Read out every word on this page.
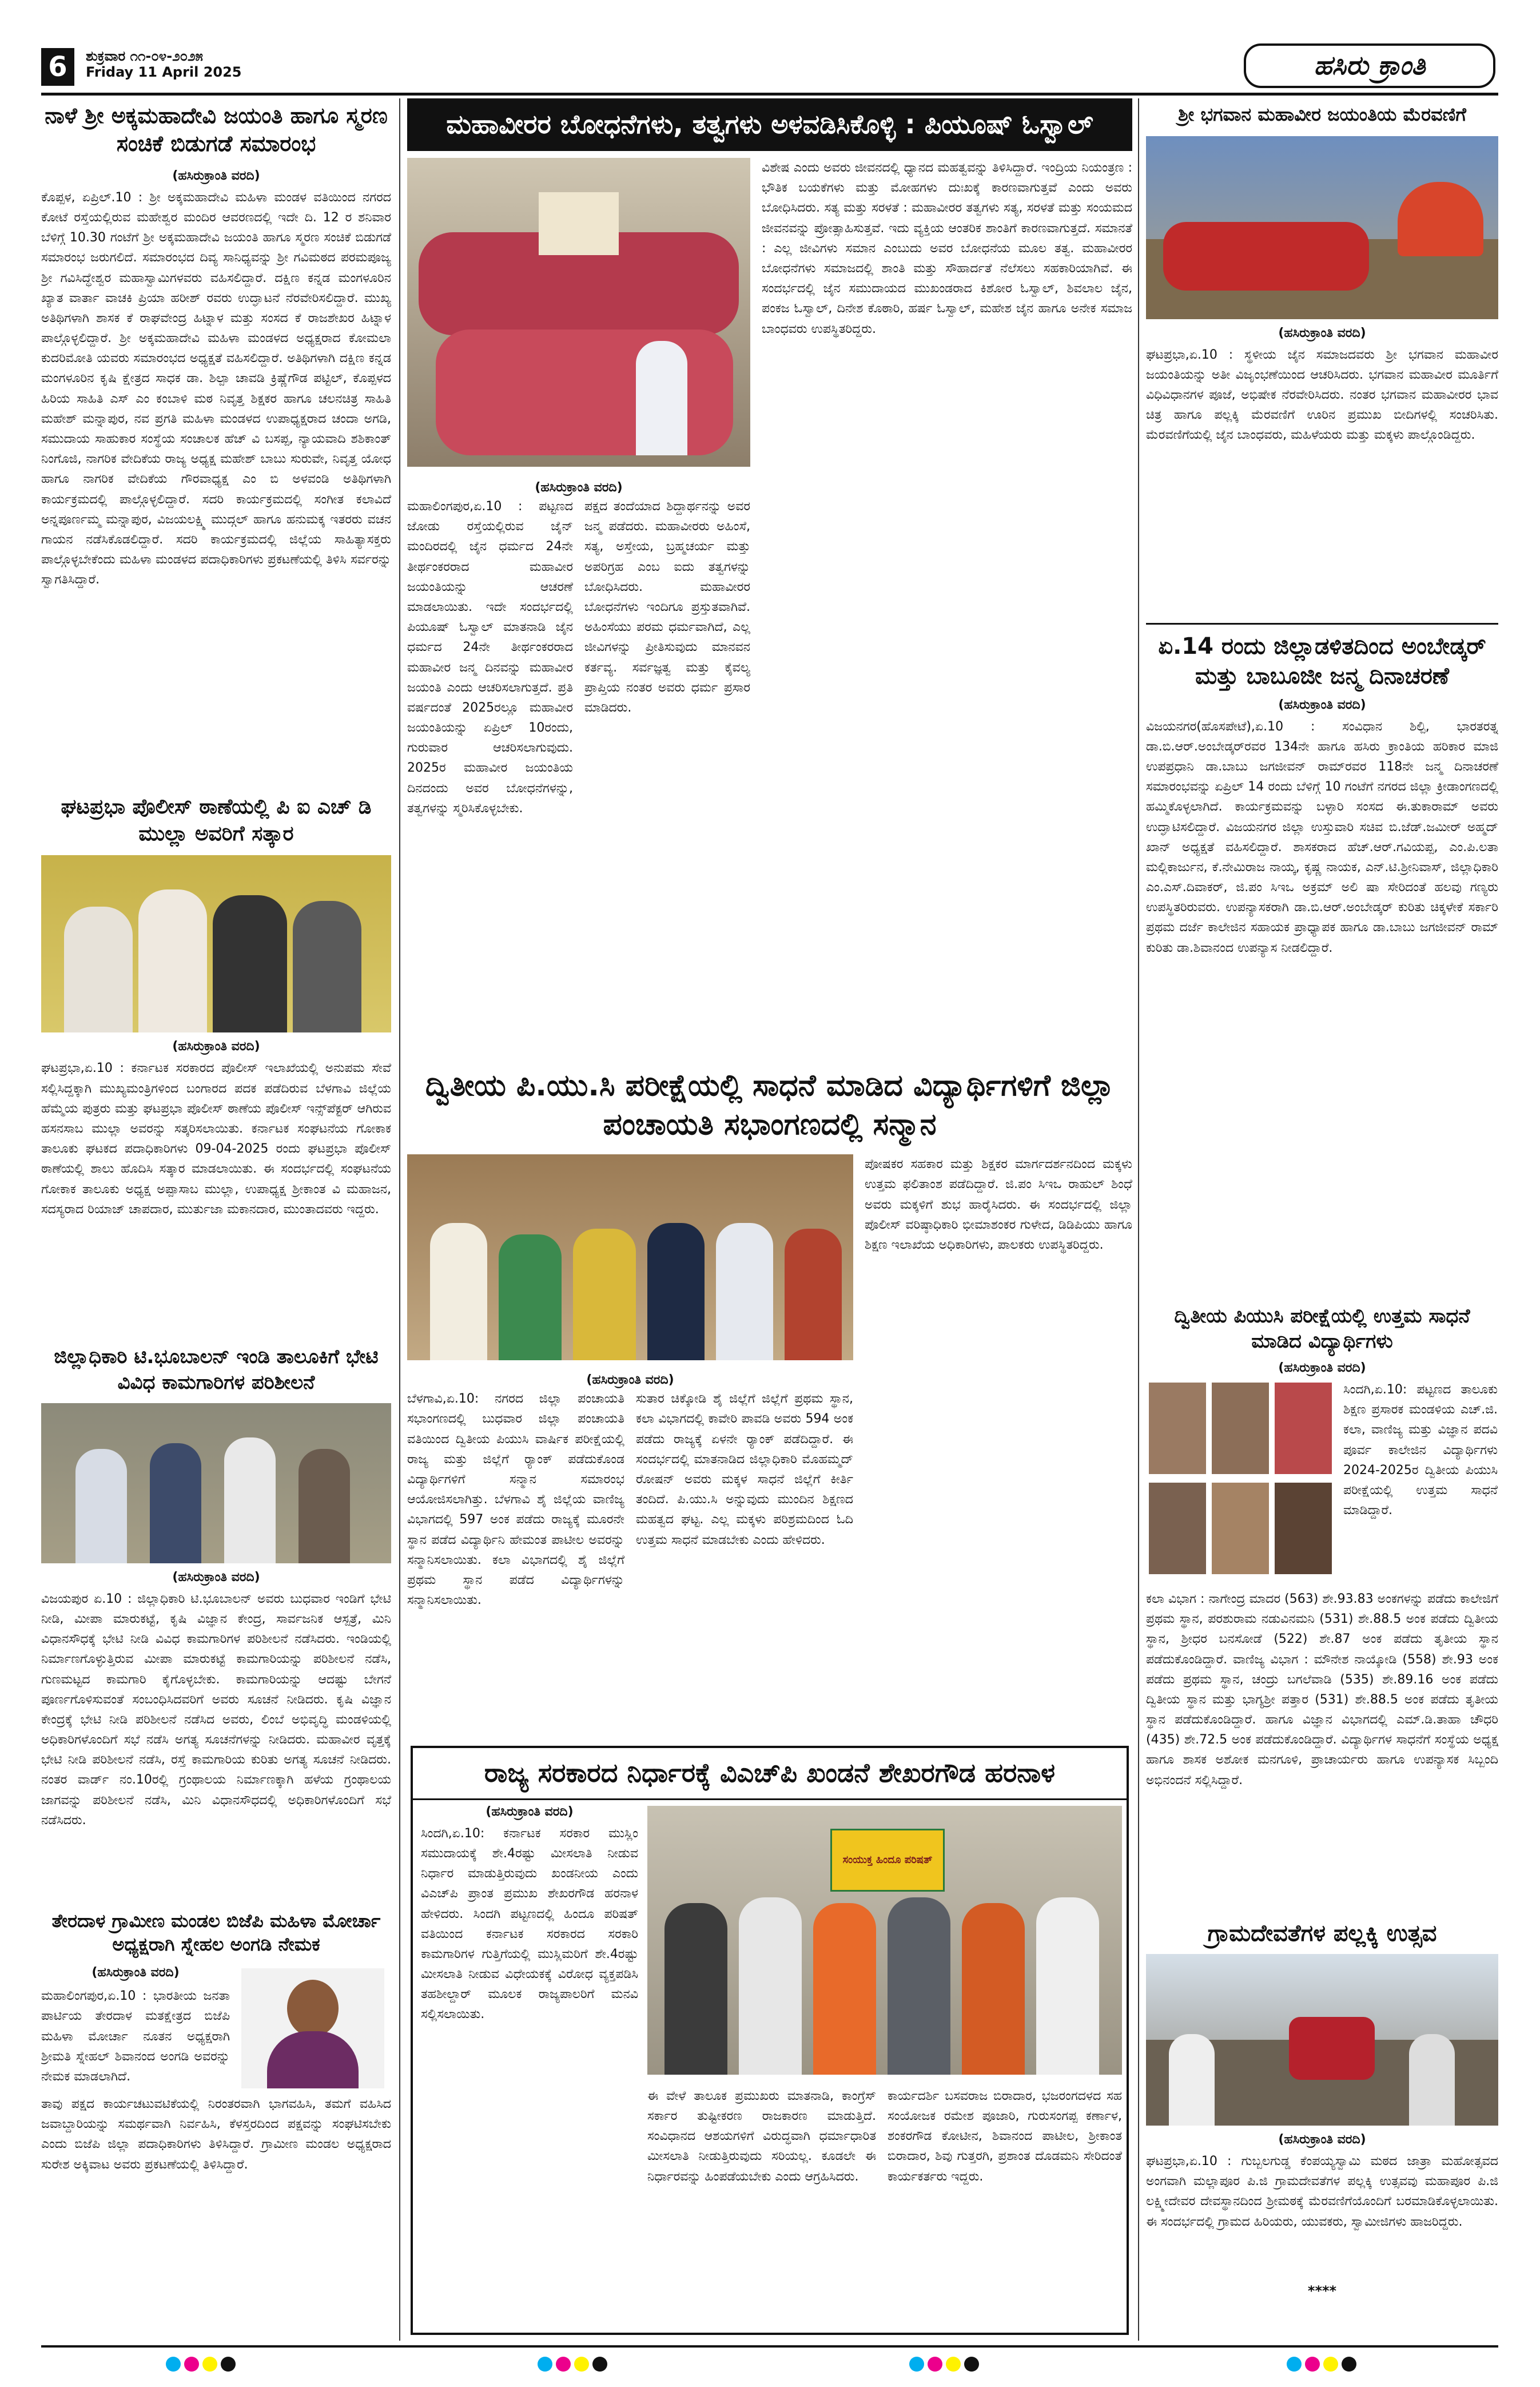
6	ಶುಕ್ರವಾರ ೧೧-೦೪-೨೦೨೫
Friday 11 April 2025	ಹಸಿರು ಕ್ರಾಂತಿ
ನಾಳೆ ಶ್ರೀ ಅಕ್ಕಮಹಾದೇವಿ ಜಯಂತಿ ಹಾಗೂ ಸ್ಮರಣ ಸಂಚಿಕೆ ಬಿಡುಗಡೆ ಸಮಾರಂಭ
(ಹಸಿರುಕ್ರಾಂತಿ ವರದಿ)
ಕೊಪ್ಪಳ, ಏಪ್ರಿಲ್.10 : ಶ್ರೀ ಅಕ್ಕಮಹಾದೇವಿ ಮಹಿಳಾ ಮಂಡಳ ವತಿಯಿಂದ ನಗರದ ಕೋಟೆ ರಸ್ತೆಯಲ್ಲಿರುವ ಮಹೇಶ್ವರ ಮಂದಿರ ಆವರಣದಲ್ಲಿ ಇದೇ ದಿ. 12 ರ ಶನಿವಾರ ಬೆಳಿಗ್ಗೆ 10.30 ಗಂಟೆಗೆ ಶ್ರೀ ಅಕ್ಕಮಹಾದೇವಿ ಜಯಂತಿ ಹಾಗೂ ಸ್ಮರಣ ಸಂಚಿಕೆ ಬಿಡುಗಡೆ ಸಮಾರಂಭ ಜರುಗಲಿದೆ. ಸಮಾರಂಭದ ದಿವ್ಯ ಸಾನಿಧ್ಯವನ್ನು ಶ್ರೀ ಗವಿಮಠದ ಪರಮಪೂಜ್ಯ ಶ್ರೀ ಗವಿಸಿದ್ಧೇಶ್ವರ ಮಹಾಸ್ವಾಮಿಗಳವರು ವಹಿಸಲಿದ್ದಾರೆ. ದಕ್ಷಿಣ ಕನ್ನಡ ಮಂಗಳೂರಿನ ಖ್ಯಾತ ವಾರ್ತಾ ವಾಚಕಿ ಪ್ರಿಯಾ ಹರೀಶ್ ರವರು ಉದ್ಘಾಟನೆ ನೆರವೇರಿಸಲಿದ್ದಾರೆ. ಮುಖ್ಯ ಅತಿಥಿಗಳಾಗಿ ಶಾಸಕ ಕೆ ರಾಘವೇಂದ್ರ ಹಿಟ್ನಾಳ ಮತ್ತು ಸಂಸದ ಕೆ ರಾಜಶೇಖರ ಹಿಟ್ನಾಳ ಪಾಲ್ಗೊಳ್ಳಲಿದ್ದಾರೆ. ಶ್ರೀ ಅಕ್ಕಮಹಾದೇವಿ ಮಹಿಳಾ ಮಂಡಳದ ಅಧ್ಯಕ್ಷರಾದ ಕೋಮಲಾ ಕುದರಿಮೋತಿ ಯವರು ಸಮಾರಂಭದ ಅಧ್ಯಕ್ಷತೆ ವಹಿಸಲಿದ್ದಾರೆ. ಅತಿಥಿಗಳಾಗಿ ದಕ್ಷಿಣ ಕನ್ನಡ ಮಂಗಳೂರಿನ ಕೃಷಿ ಕ್ಷೇತ್ರದ ಸಾಧಕ ಡಾ. ಶಿಲ್ಪಾ ಚಾವಡಿ ಕ್ರಿಷ್ಣೆಗೌಡ ಪಟ್ಟಿಲ್, ಕೊಪ್ಪಳದ ಹಿರಿಯ ಸಾಹಿತಿ ಎಸ್ ಎಂ ಕಂಬಾಳಿ ಮಠ ನಿವೃತ್ತ ಶಿಕ್ಷಕರ ಹಾಗೂ ಚಲನಚಿತ್ರ ಸಾಹಿತಿ ಮಹೇಶ್ ಮನ್ನಾಪುರ, ನವ ಪ್ರಗತಿ ಮಹಿಳಾ ಮಂಡಳದ ಉಪಾಧ್ಯಕ್ಷರಾದ ಚಂದಾ ಅಗಡಿ, ಸಮುದಾಯ ಸಾಹುಕಾರ ಸಂಸ್ಥೆಯ ಸಂಚಾಲಕ ಹೆಚ್ ವಿ ಬಸಪ್ಪ, ನ್ಯಾಯವಾದಿ ಶಶಿಕಾಂತ್ ನಿಂಗೊಜಿ, ನಾಗರಿಕ ವೇದಿಕೆಯ ರಾಜ್ಯ ಅಧ್ಯಕ್ಷ ಮಹೇಶ್ ಬಾಬು ಸುರುವೇ, ನಿವೃತ್ತ ಯೋಧ ಹಾಗೂ ನಾಗರಿಕ ವೇದಿಕೆಯ ಗೌರವಾಧ್ಯಕ್ಷ ಎಂ ಬಿ ಅಳವಂಡಿ ಅತಿಥಿಗಳಾಗಿ ಕಾರ್ಯಕ್ರಮದಲ್ಲಿ ಪಾಲ್ಗೊಳ್ಳಲಿದ್ದಾರೆ. ಸದರಿ ಕಾರ್ಯಕ್ರಮದಲ್ಲಿ ಸಂಗೀತ ಕಲಾವಿದೆ ಅನ್ನಪೂರ್ಣಮ್ಮ ಮನ್ನಾಪುರ, ವಿಜಯಲಕ್ಷ್ಮಿ ಮುದ್ಗಲ್ ಹಾಗೂ ಹನುಮಕ್ಕ ಇತರರು ವಚನ ಗಾಯನ ನಡೆಸಿಕೊಡಲಿದ್ದಾರೆ. ಸದರಿ ಕಾರ್ಯಕ್ರಮದಲ್ಲಿ ಜಿಲ್ಲೆಯ ಸಾಹಿತ್ಯಾಸಕ್ತರು ಪಾಲ್ಗೊಳ್ಳಬೇಕೆಂದು ಮಹಿಳಾ ಮಂಡಳದ ಪದಾಧಿಕಾರಿಗಳು ಪ್ರಕಟಣೆಯಲ್ಲಿ ತಿಳಿಸಿ ಸರ್ವರನ್ನು ಸ್ವಾಗತಿಸಿದ್ದಾರೆ.
ಘಟಪ್ರಭಾ ಪೊಲೀಸ್ ಠಾಣೆಯಲ್ಲಿ ಪಿ ಐ ಎಚ್ ಡಿ ಮುಲ್ಲಾ ಅವರಿಗೆ ಸತ್ಕಾರ
(ಹಸಿರುಕ್ರಾಂತಿ ವರದಿ)
ಘಟಪ್ರಭಾ,ಏ.10 : ಕರ್ನಾಟಕ ಸರಕಾರದ ಪೊಲೀಸ್ ಇಲಾಖೆಯಲ್ಲಿ ಅನುಪಮ ಸೇವೆ ಸಲ್ಲಿಸಿದ್ದಕ್ಕಾಗಿ ಮುಖ್ಯಮಂತ್ರಿಗಳಿಂದ ಬಂಗಾರದ ಪದಕ ಪಡೆದಿರುವ ಬೆಳಗಾವಿ ಜಿಲ್ಲೆಯ ಹೆಮ್ಮೆಯ ಪುತ್ರರು ಮತ್ತು ಘಟಪ್ರಭಾ ಪೊಲೀಸ್ ಠಾಣೆಯ ಪೊಲೀಸ್ ಇನ್ಸ್‌ಪೆಕ್ಟರ್ ಆಗಿರುವ ಹಸನಸಾಬ ಮುಲ್ಲಾ ಅವರನ್ನು ಸತ್ಕರಿಸಲಾಯಿತು. ಕರ್ನಾಟಕ ಸಂಘಟನೆಯ ಗೋಕಾಕ ತಾಲೂಕು ಘಟಕದ ಪದಾಧಿಕಾರಿಗಳು 09-04-2025 ರಂದು ಘಟಪ್ರಭಾ ಪೊಲೀಸ್ ಠಾಣೆಯಲ್ಲಿ ಶಾಲು ಹೊದಿಸಿ ಸತ್ಕಾರ ಮಾಡಲಾಯಿತು. ಈ ಸಂದರ್ಭದಲ್ಲಿ ಸಂಘಟನೆಯ ಗೋಕಾಕ ತಾಲೂಕು ಅಧ್ಯಕ್ಷ ಅಪ್ಪಾಸಾಬ ಮುಲ್ಲಾ, ಉಪಾಧ್ಯಕ್ಷ ಶ್ರೀಕಾಂತ ವಿ ಮಹಾಜನ, ಸದಸ್ಯರಾದ ರಿಯಾಜ್ ಚಾಪದಾರ, ಮುರ್ತುಜಾ ಮಕಾನದಾರ, ಮುಂತಾದವರು ಇದ್ದರು.
ಜಿಲ್ಲಾಧಿಕಾರಿ ಟಿ.ಭೂಬಾಲನ್ ಇಂಡಿ ತಾಲೂಕಿಗೆ ಭೇಟಿ ವಿವಿಧ ಕಾಮಗಾರಿಗಳ ಪರಿಶೀಲನೆ
(ಹಸಿರುಕ್ರಾಂತಿ ವರದಿ)
ವಿಜಯಪುರ ಏ.10 : ಜಿಲ್ಲಾಧಿಕಾರಿ ಟಿ.ಭೂಬಾಲನ್ ಅವರು ಬುಧವಾರ ಇಂಡಿಗೆ ಭೇಟಿ ನೀಡಿ, ಮೀಪಾ ಮಾರುಕಟ್ಟೆ, ಕೃಷಿ ವಿಜ್ಞಾನ ಕೇಂದ್ರ, ಸಾರ್ವಜನಿಕ ಆಸ್ಪತ್ರೆ, ಮಿನಿ ವಿಧಾನಸೌಧಕ್ಕೆ ಭೇಟಿ ನೀಡಿ ವಿವಿಧ ಕಾಮಗಾರಿಗಳ ಪರಿಶೀಲನೆ ನಡೆಸಿದರು. ಇಂಡಿಯಲ್ಲಿ ನಿರ್ಮಾಣಗೊಳ್ಳುತ್ತಿರುವ ಮೀಪಾ ಮಾರುಕಟ್ಟೆ ಕಾಮಗಾರಿಯನ್ನು ಪರಿಶೀಲನೆ ನಡೆಸಿ, ಗುಣಮಟ್ಟದ ಕಾಮಗಾರಿ ಕೈಗೊಳ್ಳಬೇಕು. ಕಾಮಗಾರಿಯನ್ನು ಆದಷ್ಟು ಬೇಗನೆ ಪೂರ್ಣಗೊಳಿಸುವಂತೆ ಸಂಬಂಧಿಸಿದವರಿಗೆ ಅವರು ಸೂಚನೆ ನೀಡಿದರು. ಕೃಷಿ ವಿಜ್ಞಾನ ಕೇಂದ್ರಕ್ಕೆ ಭೇಟಿ ನೀಡಿ ಪರಿಶೀಲನೆ ನಡೆಸಿದ ಅವರು, ಲಿಂಬೆ ಅಭಿವೃದ್ಧಿ ಮಂಡಳಿಯಲ್ಲಿ ಅಧಿಕಾರಿಗಳೊಂದಿಗೆ ಸಭೆ ನಡೆಸಿ ಅಗತ್ಯ ಸೂಚನೆಗಳನ್ನು ನೀಡಿದರು. ಮಹಾವೀರ ವೃತ್ತಕ್ಕೆ ಭೇಟಿ ನೀಡಿ ಪರಿಶೀಲನೆ ನಡೆಸಿ, ರಸ್ತೆ ಕಾಮಗಾರಿಯ ಕುರಿತು ಅಗತ್ಯ ಸೂಚನೆ ನೀಡಿದರು. ನಂತರ ವಾರ್ಡ್ ನಂ.10ರಲ್ಲಿ ಗ್ರಂಥಾಲಯ ನಿರ್ಮಾಣಕ್ಕಾಗಿ ಹಳೆಯ ಗ್ರಂಥಾಲಯ ಜಾಗವನ್ನು ಪರಿಶೀಲನೆ ನಡೆಸಿ, ಮಿನಿ ವಿಧಾನಸೌಧದಲ್ಲಿ ಅಧಿಕಾರಿಗಳೊಂದಿಗೆ ಸಭೆ ನಡೆಸಿದರು.
ತೇರದಾಳ ಗ್ರಾಮೀಣ ಮಂಡಲ ಬಿಜೆಪಿ ಮಹಿಳಾ ಮೋರ್ಚಾ ಅಧ್ಯಕ್ಷರಾಗಿ ಸ್ನೇಹಲ ಅಂಗಡಿ ನೇಮಕ
(ಹಸಿರುಕ್ರಾಂತಿ ವರದಿ)
ಮಹಾಲಿಂಗಪುರ,ಏ.10 : ಭಾರತೀಯ ಜನತಾ ಪಾರ್ಟಿಯ ತೇರದಾಳ ಮತಕ್ಷೇತ್ರದ ಬಿಜೆಪಿ ಮಹಿಳಾ ಮೋರ್ಚಾ ನೂತನ ಅಧ್ಯಕ್ಷರಾಗಿ ಶ್ರೀಮತಿ ಸ್ನೇಹಲ್ ಶಿವಾನಂದ ಅಂಗಡಿ ಅವರನ್ನು ನೇಮಕ ಮಾಡಲಾಗಿದೆ.
ತಾವು ಪಕ್ಷದ ಕಾರ್ಯಚಟುವಟಿಕೆಯಲ್ಲಿ ನಿರಂತರವಾಗಿ ಭಾಗವಹಿಸಿ, ತಮಗೆ ವಹಿಸಿದ ಜವಾಬ್ದಾರಿಯನ್ನು ಸಮರ್ಥವಾಗಿ ನಿರ್ವಹಿಸಿ, ಕೆಳಸ್ತರದಿಂದ ಪಕ್ಷವನ್ನು ಸಂಘಟಿಸಬೇಕು ಎಂದು ಬಿಜೆಪಿ ಜಿಲ್ಲಾ ಪದಾಧಿಕಾರಿಗಳು ತಿಳಿಸಿದ್ದಾರೆ. ಗ್ರಾಮೀಣ ಮಂಡಲ ಅಧ್ಯಕ್ಷರಾದ ಸುರೇಶ ಅಕ್ಕಿವಾಟ ಅವರು ಪ್ರಕಟಣೆಯಲ್ಲಿ ತಿಳಿಸಿದ್ದಾರೆ.
ಮಹಾವೀರರ ಬೋಧನೆಗಳು, ತತ್ವಗಳು ಅಳವಡಿಸಿಕೊಳ್ಳಿ : ಪಿಯೂಷ್ ಓಸ್ವಾಲ್
(ಹಸಿರುಕ್ರಾಂತಿ ವರದಿ)
ಮಹಾಲಿಂಗಪುರ,ಏ.10 : ಪಟ್ಟಣದ ಜೋಡು ರಸ್ತೆಯಲ್ಲಿರುವ ಜೈನ್ ಮಂದಿರದಲ್ಲಿ ಜೈನ ಧರ್ಮದ 24ನೇ ತೀರ್ಥಂಕರರಾದ ಮಹಾವೀರ ಜಯಂತಿಯನ್ನು ಆಚರಣೆ ಮಾಡಲಾಯಿತು. ಇದೇ ಸಂದರ್ಭದಲ್ಲಿ ಪಿಯೂಷ್ ಓಸ್ವಾಲ್ ಮಾತನಾಡಿ ಜೈನ ಧರ್ಮದ 24ನೇ ತೀರ್ಥಂಕರರಾದ ಮಹಾವೀರ ಜನ್ಮ ದಿನವನ್ನು ಮಹಾವೀರ ಜಯಂತಿ ಎಂದು ಆಚರಿಸಲಾಗುತ್ತದೆ. ಪ್ರತಿ ವರ್ಷದಂತೆ 2025ರಲ್ಲೂ ಮಹಾವೀರ ಜಯಂತಿಯನ್ನು ಏಪ್ರಿಲ್ 10ರಂದು, ಗುರುವಾರ ಆಚರಿಸಲಾಗುವುದು. 2025ರ ಮಹಾವೀರ ಜಯಂತಿಯ ದಿನದಂದು ಅವರ ಬೋಧನೆಗಳನ್ನು, ತತ್ವಗಳನ್ನು ಸ್ಮರಿಸಿಕೊಳ್ಳಬೇಕು.
ಪಕ್ಷದ ತಂದೆಯಾದ ಶಿದ್ದಾರ್ಥನನ್ನು ಅವರ ಜನ್ಮ ಪಡೆದರು. ಮಹಾವೀರರು ಅಹಿಂಸೆ, ಸತ್ಯ, ಅಸ್ತೇಯ, ಬ್ರಹ್ಮಚರ್ಯ ಮತ್ತು ಅಪರಿಗ್ರಹ ಎಂಬ ಐದು ತತ್ವಗಳನ್ನು ಬೋಧಿಸಿದರು. ಮಹಾವೀರರ ಬೋಧನೆಗಳು ಇಂದಿಗೂ ಪ್ರಸ್ತುತವಾಗಿವೆ. ಅಹಿಂಸೆಯು ಪರಮ ಧರ್ಮವಾಗಿದೆ, ಎಲ್ಲ ಜೀವಿಗಳನ್ನು ಪ್ರೀತಿಸುವುದು ಮಾನವನ ಕರ್ತವ್ಯ. ಸರ್ವಜ್ಞತ್ವ ಮತ್ತು ಕೈವಲ್ಯ ಪ್ರಾಪ್ತಿಯ ನಂತರ ಅವರು ಧರ್ಮ ಪ್ರಸಾರ ಮಾಡಿದರು.
ವಿಶೇಷ ಎಂದು ಅವರು ಜೀವನದಲ್ಲಿ ಧ್ಯಾನದ ಮಹತ್ವವನ್ನು ತಿಳಿಸಿದ್ದಾರೆ. ಇಂದ್ರಿಯ ನಿಯಂತ್ರಣ : ಭೌತಿಕ ಬಯಕೆಗಳು ಮತ್ತು ಮೋಹಗಳು ದುಃಖಕ್ಕೆ ಕಾರಣವಾಗುತ್ತವೆ ಎಂದು ಅವರು ಬೋಧಿಸಿದರು. ಸತ್ಯ ಮತ್ತು ಸರಳತೆ : ಮಹಾವೀರರ ತತ್ವಗಳು ಸತ್ಯ, ಸರಳತೆ ಮತ್ತು ಸಂಯಮದ ಜೀವನವನ್ನು ಪ್ರೋತ್ಸಾಹಿಸುತ್ತವೆ. ಇದು ವ್ಯಕ್ತಿಯ ಆಂತರಿಕ ಶಾಂತಿಗೆ ಕಾರಣವಾಗುತ್ತದೆ. ಸಮಾನತೆ : ಎಲ್ಲ ಜೀವಿಗಳು ಸಮಾನ ಎಂಬುದು ಅವರ ಬೋಧನೆಯ ಮೂಲ ತತ್ವ. ಮಹಾವೀರರ ಬೋಧನೆಗಳು ಸಮಾಜದಲ್ಲಿ ಶಾಂತಿ ಮತ್ತು ಸೌಹಾರ್ದತೆ ನೆಲೆಸಲು ಸಹಕಾರಿಯಾಗಿವೆ. ಈ ಸಂದರ್ಭದಲ್ಲಿ ಜೈನ ಸಮುದಾಯದ ಮುಖಂಡರಾದ ಕಿಶೋರ ಓಸ್ವಾಲ್, ಶಿವಲಾಲ ಜೈನ, ಪಂಕಜ ಓಸ್ವಾಲ್, ದಿನೇಶ ಕೊಠಾರಿ, ಹರ್ಷ ಓಸ್ವಾಲ್, ಮಹೇಶ ಜೈನ ಹಾಗೂ ಅನೇಕ ಸಮಾಜ ಬಾಂಧವರು ಉಪಸ್ಥಿತರಿದ್ದರು.
ದ್ವಿತೀಯ ಪಿ.ಯು.ಸಿ ಪರೀಕ್ಷೆಯಲ್ಲಿ ಸಾಧನೆ ಮಾಡಿದ ವಿದ್ಯಾರ್ಥಿಗಳಿಗೆ ಜಿಲ್ಲಾ ಪಂಚಾಯತಿ ಸಭಾಂಗಣದಲ್ಲಿ ಸನ್ಮಾನ
(ಹಸಿರುಕ್ರಾಂತಿ ವರದಿ)
ಬೆಳಗಾವಿ,ಏ.10: ನಗರದ ಜಿಲ್ಲಾ ಪಂಚಾಯತಿ ಸಭಾಂಗಣದಲ್ಲಿ ಬುಧವಾರ ಜಿಲ್ಲಾ ಪಂಚಾಯತಿ ವತಿಯಿಂದ ದ್ವಿತೀಯ ಪಿಯುಸಿ ವಾರ್ಷಿಕ ಪರೀಕ್ಷೆಯಲ್ಲಿ ರಾಜ್ಯ ಮತ್ತು ಜಿಲ್ಲೆಗೆ ರ್‍ಯಾಂಕ್ ಪಡೆದುಕೊಂಡ ವಿದ್ಯಾರ್ಥಿಗಳಿಗೆ ಸನ್ಮಾನ ಸಮಾರಂಭ ಆಯೋಜಿಸಲಾಗಿತ್ತು. ಬೆಳಗಾವಿ ಶೈ ಜಿಲ್ಲೆಯ ವಾಣಿಜ್ಯ ವಿಭಾಗದಲ್ಲಿ 597 ಅಂಕ ಪಡೆದು ರಾಜ್ಯಕ್ಕೆ ಮೂರನೇ ಸ್ಥಾನ ಪಡೆದ ವಿದ್ಯಾರ್ಥಿನಿ ಹೇಮಂತ ಪಾಟೀಲ ಅವರನ್ನು ಸನ್ಮಾನಿಸಲಾಯಿತು. ಕಲಾ ವಿಭಾಗದಲ್ಲಿ ಶೈ ಜಿಲ್ಲೆಗೆ ಪ್ರಥಮ ಸ್ಥಾನ ಪಡೆದ ವಿದ್ಯಾರ್ಥಿಗಳನ್ನು ಸನ್ಮಾನಿಸಲಾಯಿತು.
ಸುತಾರ ಚಿಕ್ಕೋಡಿ ಶೈ ಜಿಲ್ಲೆಗೆ ಜಿಲ್ಲೆಗೆ ಪ್ರಥಮ ಸ್ಥಾನ, ಕಲಾ ವಿಭಾಗದಲ್ಲಿ ಕಾವೇರಿ ಪಾವಡಿ ಅವರು 594 ಅಂಕ ಪಡೆದು ರಾಜ್ಯಕ್ಕೆ ಏಳನೇ ರ್‍ಯಾಂಕ್ ಪಡೆದಿದ್ದಾರೆ. ಈ ಸಂದರ್ಭದಲ್ಲಿ ಮಾತನಾಡಿದ ಜಿಲ್ಲಾಧಿಕಾರಿ ಮೊಹಮ್ಮದ್ ರೋಷನ್ ಅವರು ಮಕ್ಕಳ ಸಾಧನೆ ಜಿಲ್ಲೆಗೆ ಕೀರ್ತಿ ತಂದಿದೆ. ಪಿ.ಯು.ಸಿ ಅನ್ನುವುದು ಮುಂದಿನ ಶಿಕ್ಷಣದ ಮಹತ್ವದ ಘಟ್ಟ. ಎಲ್ಲ ಮಕ್ಕಳು ಪರಿಶ್ರಮದಿಂದ ಓದಿ ಉತ್ತಮ ಸಾಧನೆ ಮಾಡಬೇಕು ಎಂದು ಹೇಳಿದರು.
ಪೋಷಕರ ಸಹಕಾರ ಮತ್ತು ಶಿಕ್ಷಕರ ಮಾರ್ಗದರ್ಶನದಿಂದ ಮಕ್ಕಳು ಉತ್ತಮ ಫಲಿತಾಂಶ ಪಡೆದಿದ್ದಾರೆ. ಜಿ.ಪಂ ಸಿಇಒ ರಾಹುಲ್ ಶಿಂಧೆ ಅವರು ಮಕ್ಕಳಿಗೆ ಶುಭ ಹಾರೈಸಿದರು. ಈ ಸಂದರ್ಭದಲ್ಲಿ ಜಿಲ್ಲಾ ಪೊಲೀಸ್ ವರಿಷ್ಠಾಧಿಕಾರಿ ಭೀಮಾಶಂಕರ ಗುಳೇದ, ಡಿಡಿಪಿಯು ಹಾಗೂ ಶಿಕ್ಷಣ ಇಲಾಖೆಯ ಅಧಿಕಾರಿಗಳು, ಪಾಲಕರು ಉಪಸ್ಥಿತರಿದ್ದರು.
ರಾಜ್ಯ ಸರಕಾರದ ನಿರ್ಧಾರಕ್ಕೆ ವಿಎಚ್‌ಪಿ ಖಂಡನೆ ಶೇಖರಗೌಡ ಹರನಾಳ
(ಹಸಿರುಕ್ರಾಂತಿ ವರದಿ)
ಸಿಂದಗಿ,ಏ.10: ಕರ್ನಾಟಕ ಸರಕಾರ ಮುಸ್ಲಿಂ ಸಮುದಾಯಕ್ಕೆ ಶೇ.4ರಷ್ಟು ಮೀಸಲಾತಿ ನೀಡುವ ನಿರ್ಧಾರ ಮಾಡುತ್ತಿರುವುದು ಖಂಡನೀಯ ಎಂದು ವಿಎಚ್‌ಪಿ ಪ್ರಾಂತ ಪ್ರಮುಖ ಶೇಖರಗೌಡ ಹರನಾಳ ಹೇಳಿದರು. ಸಿಂದಗಿ ಪಟ್ಟಣದಲ್ಲಿ ಹಿಂದೂ ಪರಿಷತ್ ವತಿಯಿಂದ ಕರ್ನಾಟಕ ಸರಕಾರದ ಸರಕಾರಿ ಕಾಮಗಾರಿಗಳ ಗುತ್ತಿಗೆಯಲ್ಲಿ ಮುಸ್ಲಿಮರಿಗೆ ಶೇ.4ರಷ್ಟು ಮೀಸಲಾತಿ ನೀಡುವ ವಿಧೇಯಕಕ್ಕೆ ವಿರೋಧ ವ್ಯಕ್ತಪಡಿಸಿ ತಹಶೀಲ್ದಾರ್ ಮೂಲಕ ರಾಜ್ಯಪಾಲರಿಗೆ ಮನವಿ ಸಲ್ಲಿಸಲಾಯಿತು.
ಸಂಯುಕ್ತ ಹಿಂದೂ ಪರಿಷತ್
ಈ ವೇಳೆ ತಾಲೂಕ ಪ್ರಮುಖರು ಮಾತನಾಡಿ, ಕಾಂಗ್ರೆಸ್ ಸರ್ಕಾರ ತುಷ್ಟೀಕರಣ ರಾಜಕಾರಣ ಮಾಡುತ್ತಿದೆ. ಸಂವಿಧಾನದ ಆಶಯಗಳಿಗೆ ವಿರುದ್ಧವಾಗಿ ಧರ್ಮಾಧಾರಿತ ಮೀಸಲಾತಿ ನೀಡುತ್ತಿರುವುದು ಸರಿಯಲ್ಲ. ಕೂಡಲೇ ಈ ನಿರ್ಧಾರವನ್ನು ಹಿಂಪಡೆಯಬೇಕು ಎಂದು ಆಗ್ರಹಿಸಿದರು.
ಕಾರ್ಯದರ್ಶಿ ಬಸವರಾಜ ಬಿರಾದಾರ, ಭಜರಂಗದಳದ ಸಹ ಸಂಯೋಜಕ ರಮೇಶ ಪೂಜಾರಿ, ಗುರುಸಂಗಪ್ಪ ಕರ್ಣಾಳ, ಶಂಕರಗೌಡ ಕೋಟೀನ, ಶಿವಾನಂದ ಪಾಟೀಲ, ಶ್ರೀಕಾಂತ ಬಿರಾದಾರ, ಶಿವು ಗುತ್ತರಗಿ, ಪ್ರಶಾಂತ ದೊಡಮನಿ ಸೇರಿದಂತೆ ಕಾರ್ಯಕರ್ತರು ಇದ್ದರು.
ಶ್ರೀ ಭಗವಾನ ಮಹಾವೀರ ಜಯಂತಿಯ ಮೆರವಣಿಗೆ
(ಹಸಿರುಕ್ರಾಂತಿ ವರದಿ)
ಘಟಪ್ರಭಾ,ಏ.10 : ಸ್ಥಳೀಯ ಜೈನ ಸಮಾಜದವರು ಶ್ರೀ ಭಗವಾನ ಮಹಾವೀರ ಜಯಂತಿಯನ್ನು ಅತೀ ವಿಜೃಂಭಣೆಯಿಂದ ಆಚರಿಸಿದರು. ಭಗವಾನ ಮಹಾವೀರ ಮೂರ್ತಿಗೆ ವಿಧಿವಿಧಾನಗಳ ಪೂಜೆ, ಅಭಿಷೇಕ ನೆರವೇರಿಸಿದರು. ನಂತರ ಭಗವಾನ ಮಹಾವೀರರ ಭಾವ ಚಿತ್ರ ಹಾಗೂ ಪಲ್ಲಕ್ಕಿ ಮೆರವಣಿಗೆ ಊರಿನ ಪ್ರಮುಖ ಬೀದಿಗಳಲ್ಲಿ ಸಂಚರಿಸಿತು. ಮೆರವಣಿಗೆಯಲ್ಲಿ ಜೈನ ಬಾಂಧವರು, ಮಹಿಳೆಯರು ಮತ್ತು ಮಕ್ಕಳು ಪಾಲ್ಗೊಂಡಿದ್ದರು.
ಏ.14 ರಂದು ಜಿಲ್ಲಾಡಳಿತದಿಂದ ಅಂಬೇಡ್ಕರ್ ಮತ್ತು ಬಾಬೂಜೀ ಜನ್ಮ ದಿನಾಚರಣೆ
(ಹಸಿರುಕ್ರಾಂತಿ ವರದಿ)
ವಿಜಯನಗರ(ಹೊಸಪೇಟೆ),ಏ.10 : ಸಂವಿಧಾನ ಶಿಲ್ಪಿ, ಭಾರತರತ್ನ ಡಾ.ಬಿ.ಆರ್.ಅಂಬೇಡ್ಕರ್‌ರವರ 134ನೇ ಹಾಗೂ ಹಸಿರು ಕ್ರಾಂತಿಯ ಹರಿಕಾರ ಮಾಜಿ ಉಪಪ್ರಧಾನಿ ಡಾ.ಬಾಬು ಜಗಜೀವನ್ ರಾಮ್‌ರವರ 118ನೇ ಜನ್ಮ ದಿನಾಚರಣೆ ಸಮಾರಂಭವನ್ನು ಏಪ್ರಿಲ್ 14 ರಂದು ಬೆಳಿಗ್ಗೆ 10 ಗಂಟೆಗೆ ನಗರದ ಜಿಲ್ಲಾ ಕ್ರೀಡಾಂಗಣದಲ್ಲಿ ಹಮ್ಮಿಕೊಳ್ಳಲಾಗಿದೆ. ಕಾರ್ಯಕ್ರಮವನ್ನು ಬಳ್ಳಾರಿ ಸಂಸದ ಈ.ತುಕಾರಾಮ್ ಅವರು ಉದ್ಘಾಟಿಸಲಿದ್ದಾರೆ. ವಿಜಯನಗರ ಜಿಲ್ಲಾ ಉಸ್ತುವಾರಿ ಸಚಿವ ಬಿ.ಜೆಡ್.ಜಮೀರ್ ಅಹ್ಮದ್ ಖಾನ್ ಅಧ್ಯಕ್ಷತೆ ವಹಿಸಲಿದ್ದಾರೆ. ಶಾಸಕರಾದ ಹೆಚ್.ಆರ್.ಗವಿಯಪ್ಪ, ಎಂ.ಪಿ.ಲತಾ ಮಲ್ಲಿಕಾರ್ಜುನ, ಕೆ.ನೇಮಿರಾಜ ನಾಯ್ಕ, ಕೃಷ್ಣ ನಾಯಕ, ಎನ್.ಟಿ.ಶ್ರೀನಿವಾಸ್, ಜಿಲ್ಲಾಧಿಕಾರಿ ಎಂ.ಎಸ್.ದಿವಾಕರ್, ಜಿ.ಪಂ ಸಿಇಒ ಅಕ್ರಮ್ ಅಲಿ ಷಾ ಸೇರಿದಂತೆ ಹಲವು ಗಣ್ಯರು ಉಪಸ್ಥಿತರಿರುವರು. ಉಪನ್ಯಾಸಕರಾಗಿ ಡಾ.ಬಿ.ಆರ್.ಅಂಬೇಡ್ಕರ್ ಕುರಿತು ಚಿಕ್ಕಳೇಕೆ ಸರ್ಕಾರಿ ಪ್ರಥಮ ದರ್ಜೆ ಕಾಲೇಜಿನ ಸಹಾಯಕ ಪ್ರಾಧ್ಯಾಪಕ ಹಾಗೂ ಡಾ.ಬಾಬು ಜಗಜೀವನ್ ರಾಮ್ ಕುರಿತು ಡಾ.ಶಿವಾನಂದ ಉಪನ್ಯಾಸ ನೀಡಲಿದ್ದಾರೆ.
ದ್ವಿತೀಯ ಪಿಯುಸಿ ಪರೀಕ್ಷೆಯಲ್ಲಿ ಉತ್ತಮ ಸಾಧನೆ ಮಾಡಿದ ವಿದ್ಯಾರ್ಥಿಗಳು
(ಹಸಿರುಕ್ರಾಂತಿ ವರದಿ)
ಸಿಂದಗಿ,ಏ.10: ಪಟ್ಟಣದ ತಾಲೂಕು ಶಿಕ್ಷಣ ಪ್ರಸಾರಕ ಮಂಡಳಿಯ ಎಚ್.ಜಿ. ಕಲಾ, ವಾಣಿಜ್ಯ ಮತ್ತು ವಿಜ್ಞಾನ ಪದವಿ ಪೂರ್ವ ಕಾಲೇಜಿನ ವಿದ್ಯಾರ್ಥಿಗಳು 2024-2025ರ ದ್ವಿತೀಯ ಪಿಯುಸಿ ಪರೀಕ್ಷೆಯಲ್ಲಿ ಉತ್ತಮ ಸಾಧನೆ ಮಾಡಿದ್ದಾರೆ.
ಕಲಾ ವಿಭಾಗ : ನಾಗೇಂದ್ರ ಮಾದರ (563) ಶೇ.93.83 ಅಂಕಗಳನ್ನು ಪಡೆದು ಕಾಲೇಜಿಗೆ ಪ್ರಥಮ ಸ್ಥಾನ, ಪರಶುರಾಮ ನಡುವಿನಮನಿ (531) ಶೇ.88.5 ಅಂಕ ಪಡೆದು ದ್ವಿತೀಯ ಸ್ಥಾನ, ಶ್ರೀಧರ ಬನಸೋಡೆ (522) ಶೇ.87 ಅಂಕ ಪಡೆದು ತೃತೀಯ ಸ್ಥಾನ ಪಡೆದುಕೊಂಡಿದ್ದಾರೆ. ವಾಣಿಜ್ಯ ವಿಭಾಗ : ಮೌನೇಶ ನಾಯ್ಕೋಡಿ (558) ಶೇ.93 ಅಂಕ ಪಡೆದು ಪ್ರಥಮ ಸ್ಥಾನ, ಚಂದ್ರು ಬಗಲೆವಾಡಿ (535) ಶೇ.89.16 ಅಂಕ ಪಡೆದು ದ್ವಿತೀಯ ಸ್ಥಾನ ಮತ್ತು ಭಾಗ್ಯಶ್ರೀ ಪತ್ತಾರ (531) ಶೇ.88.5 ಅಂಕ ಪಡೆದು ತೃತೀಯ ಸ್ಥಾನ ಪಡೆದುಕೊಂಡಿದ್ದಾರೆ. ಹಾಗೂ ವಿಜ್ಞಾನ ವಿಭಾಗದಲ್ಲಿ ಎಮ್.ಡಿ.ತಾಹಾ ಚೌಧರಿ (435) ಶೇ.72.5 ಅಂಕ ಪಡೆದುಕೊಂಡಿದ್ದಾರೆ. ವಿದ್ಯಾರ್ಥಿಗಳ ಸಾಧನೆಗೆ ಸಂಸ್ಥೆಯ ಅಧ್ಯಕ್ಷ ಹಾಗೂ ಶಾಸಕ ಅಶೋಕ ಮನಗೂಳಿ, ಪ್ರಾಚಾರ್ಯರು ಹಾಗೂ ಉಪನ್ಯಾಸಕ ಸಿಬ್ಬಂದಿ ಅಭಿನಂದನೆ ಸಲ್ಲಿಸಿದ್ದಾರೆ.
ಗ್ರಾಮದೇವತೆಗಳ ಪಲ್ಲಕ್ಕಿ ಉತ್ಸವ
(ಹಸಿರುಕ್ರಾಂತಿ ವರದಿ)
ಘಟಪ್ರಭಾ,ಏ.10 : ಗುಬ್ಬಲಗುಡ್ಡ ಕೆಂಪಯ್ಯಸ್ವಾಮಿ ಮಠದ ಜಾತ್ರಾ ಮಹೋತ್ಸವದ ಅಂಗವಾಗಿ ಮಲ್ಲಾಪೂರ ಪಿ.ಜಿ ಗ್ರಾಮದೇವತೆಗಳ ಪಲ್ಲಕ್ಕಿ ಉತ್ಸವವು ಮಹಾಪೂರ ಪಿ.ಜಿ ಲಕ್ಷ್ಮೀದೇವರ ದೇವಸ್ಥಾನದಿಂದ ಶ್ರೀಮಠಕ್ಕೆ ಮೆರವಣಿಗೆಯೊಂದಿಗೆ ಬರಮಾಡಿಕೊಳ್ಳಲಾಯಿತು. ಈ ಸಂದರ್ಭದಲ್ಲಿ ಗ್ರಾಮದ ಹಿರಿಯರು, ಯುವಕರು, ಸ್ವಾಮೀಜಿಗಳು ಹಾಜರಿದ್ದರು.
****
